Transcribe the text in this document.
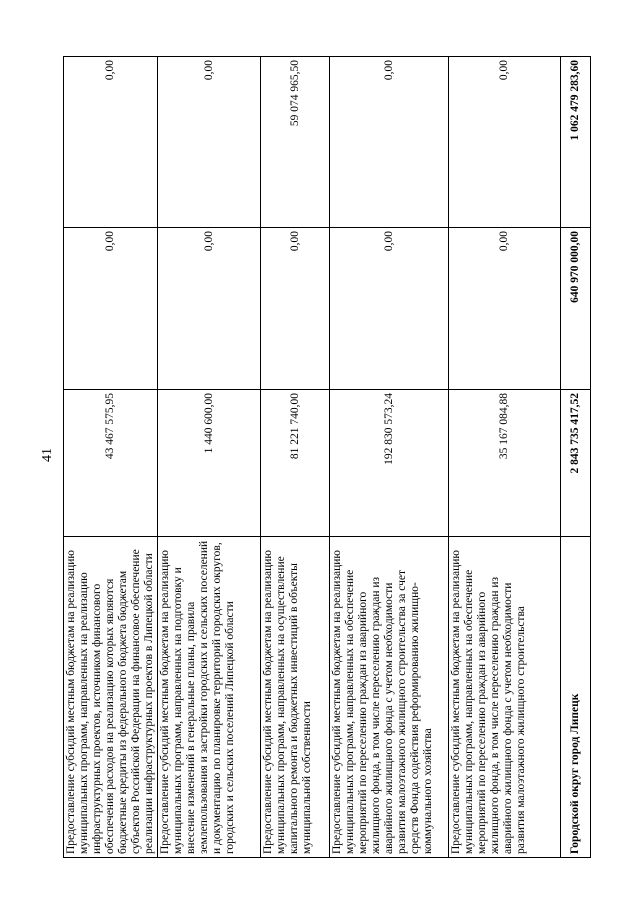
41
Предоставление субсидий местным бюджетам на реализацию муниципальных программ, направленных на реализацию инфраструктурных проектов, источником финансового обеспечения расходов на реализацию которых являются бюджетные кредиты из федерального бюджета бюджетам субъектов Российской Федерации на финансовое обеспечение реализации инфраструктурных проектов в Липецкой области	43 467 575,95	0,00	0,00
Предоставление субсидий местным бюджетам на реализацию муниципальных программ, направленных на подготовку и внесение изменений в генеральные планы, правила землепользования и застройки городских и сельских поселений и документацию по планировке территорий городских округов, городских и сельских поселений Липецкой области	1 440 600,00	0,00	0,00
Предоставление субсидий местным бюджетам на реализацию муниципальных программ, направленных на осуществление капитального ремонта и бюджетных инвестиций в объекты муниципальной собственности	81 221 740,00	0,00	59 074 965,50
Предоставление субсидий местным бюджетам на реализацию муниципальных программ, направленных на обеспечение мероприятий по переселению граждан из аварийного жилищного фонда, в том числе переселению граждан из аварийного жилищного фонда с учетом необходимости развития малоэтажного жилищного строительства за счет средств Фонда содействия реформированию жилищно-коммунального хозяйства	192 830 573,24	0,00	0,00
Предоставление субсидий местным бюджетам на реализацию муниципальных программ, направленных на обеспечение мероприятий по переселению граждан из аварийного жилищного фонда, в том числе переселению граждан из аварийного жилищного фонда с учетом необходимости развития малоэтажного жилищного строительства	35 167 084,88	0,00	0,00
Городской округ город Липецк	2 843 735 417,52	640 970 000,00	1 062 479 283,60
